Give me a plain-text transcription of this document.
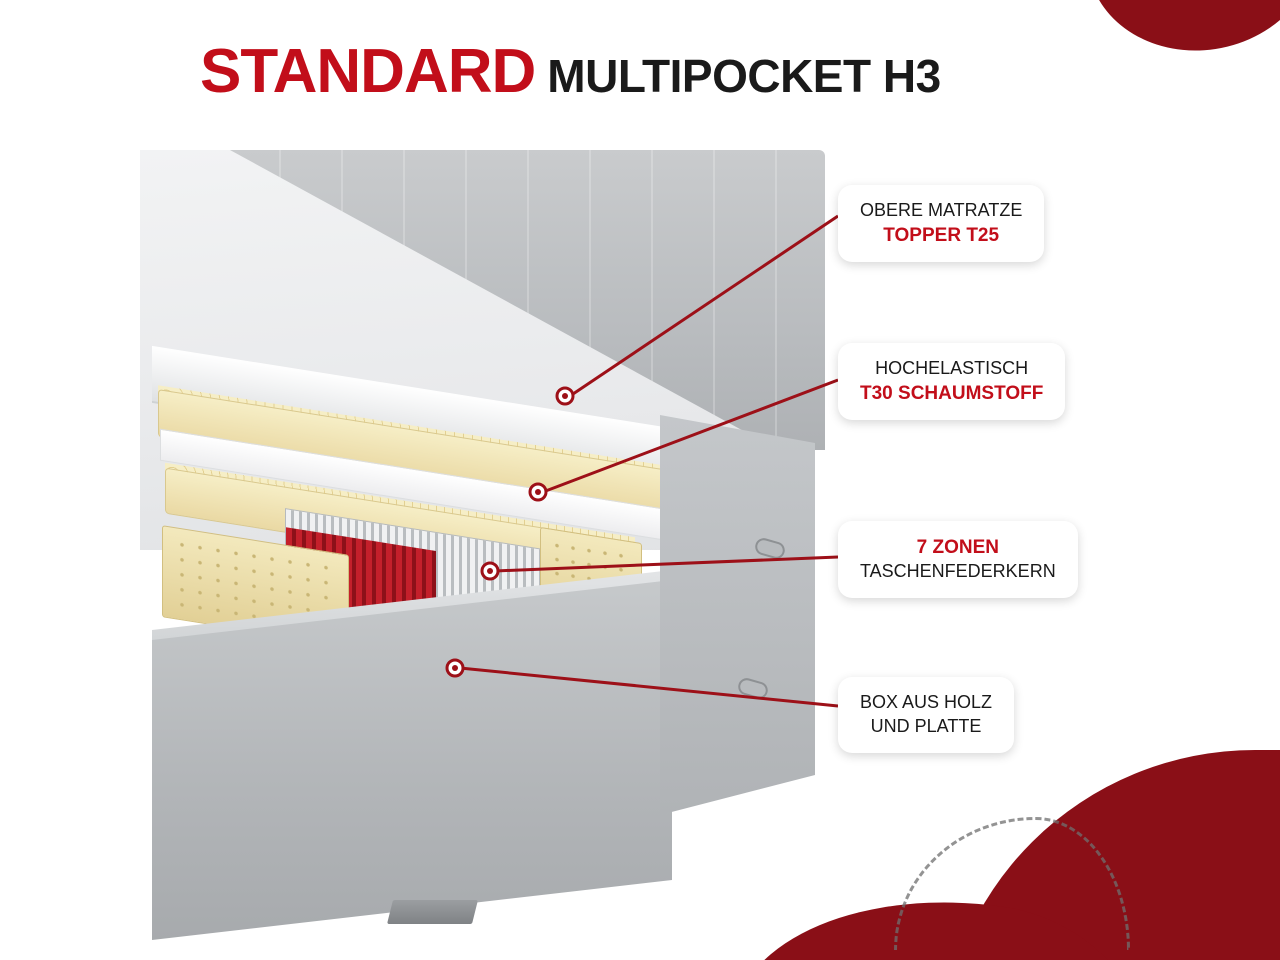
STANDARD MULTIPOCKET H3
OBERE MATRATZE
TOPPER T25
HOCHELASTISCH
T30 SCHAUMSTOFF
7 ZONEN
TASCHENFEDERKERN
BOX AUS HOLZ
UND PLATTE
